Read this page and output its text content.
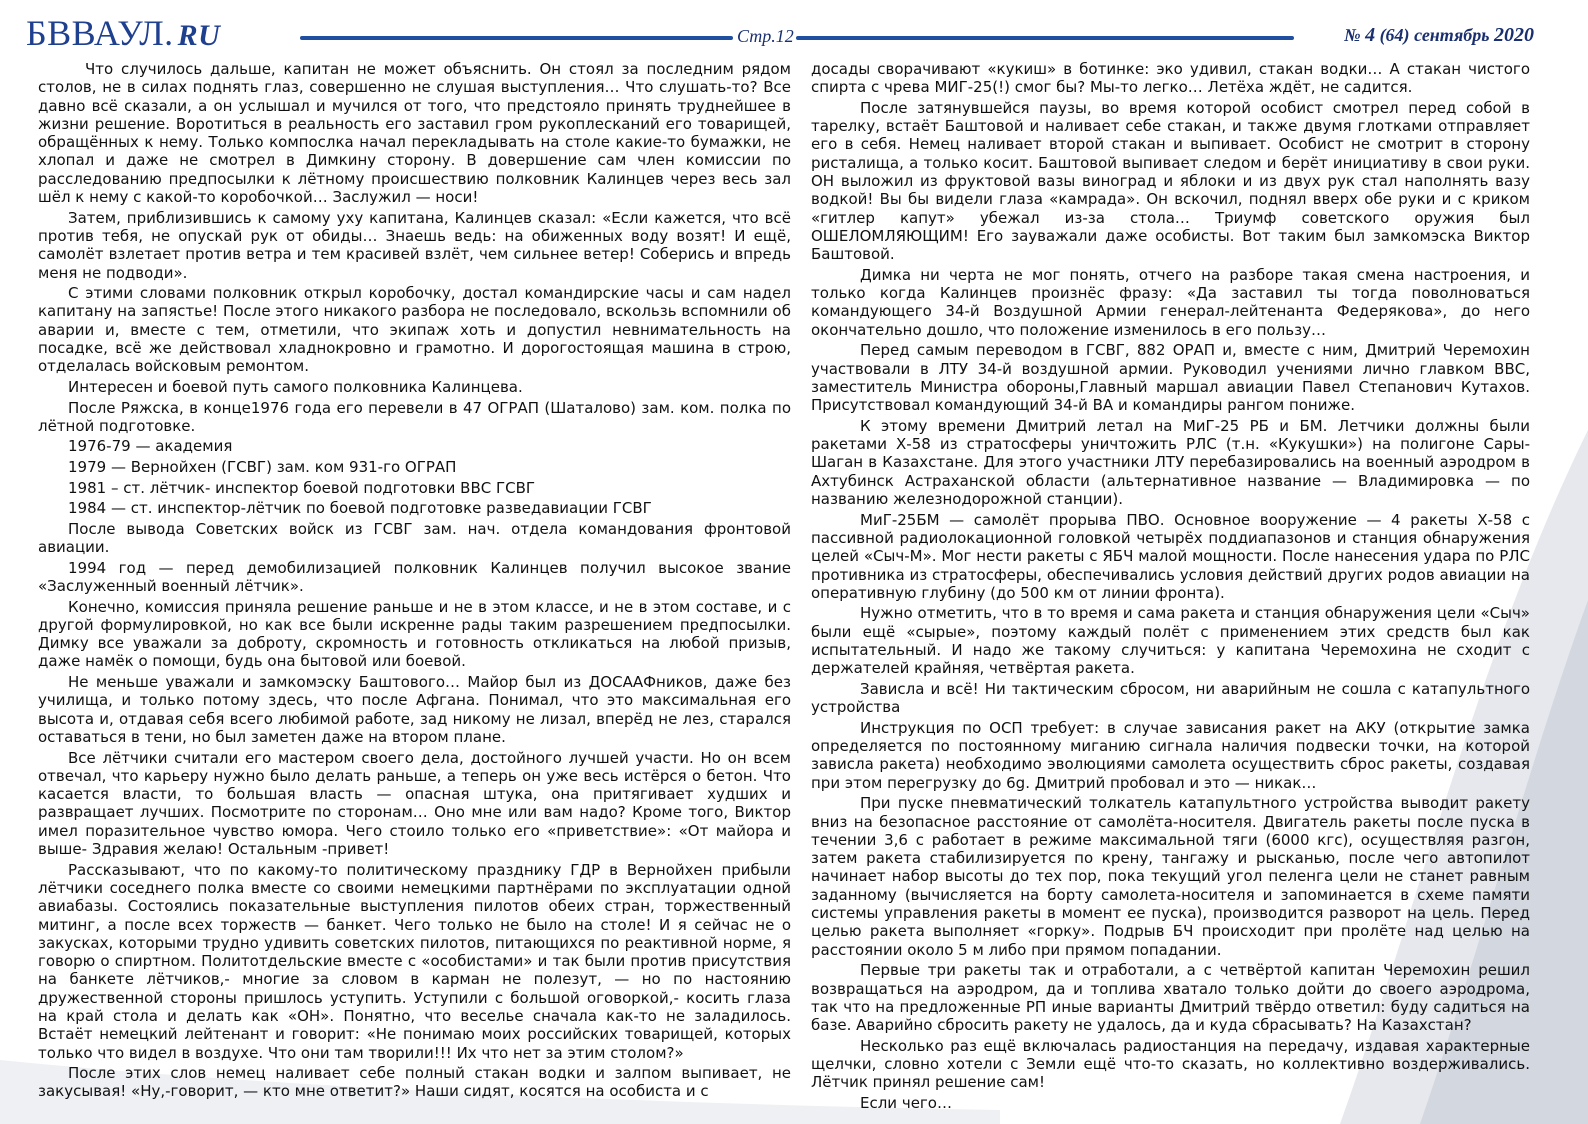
БВВАУЛ. RU	Стр.12	№ 4 (64) сентябрь 2020

Что случилось дальше, капитан не может объяснить. Он стоял за последним рядом столов, не в силах поднять глаз, совершенно не слушая выступления… Что слушать-то? Все давно всё сказали, а он услышал и мучился от того, что предстояло принять труднейшее в жизни решение. Воротиться в реальность его заставил гром рукоплесканий его товарищей, обращённых к нему. Только компослка начал перекладывать на столе какие-то бумажки, не хлопал и даже не смотрел в Димкину сторону. В довершение сам член комиссии по расследованию предпосылки к лётному происшествию полковник Калинцев через весь зал шёл к нему с какой-то коробочкой… Заслужил — носи!

Затем, приблизившись к самому уху капитана, Калинцев сказал: «Если кажется, что всё против тебя, не опускай рук от обиды… Знаешь ведь: на обиженных воду возят! И ещё, самолёт взлетает против ветра и тем красивей взлёт, чем сильнее ветер! Соберись и впредь меня не подводи».

С этими словами полковник открыл коробочку, достал командирские часы и сам надел капитану на запястье! После этого никакого разбора не последовало, вскользь вспомнили об аварии и, вместе с тем, отметили, что экипаж хоть и допустил невнимательность на посадке, всё же действовал хладнокровно и грамотно. И дорогостоящая машина в строю, отделалась войсковым ремонтом.

Интересен и боевой путь самого полковника Калинцева.

После Ряжска, в конце1976 года его перевели в 47 ОГРАП (Шаталово) зам. ком. полка по лётной подготовке.

1976-79 — академия

1979 — Вернойхен (ГСВГ) зам. ком 931-го ОГРАП

1981 – ст. лётчик- инспектор боевой подготовки ВВС ГСВГ

1984 — ст. инспектор-лётчик по боевой подготовке разведавиации ГСВГ

После вывода Советских войск из ГСВГ зам. нач. отдела командования фронтовой авиации.

1994 год — перед демобилизацией полковник Калинцев получил высокое звание «Заслуженный военный лётчик».

Конечно, комиссия приняла решение раньше и не в этом классе, и не в этом составе, и с другой формулировкой, но как все были искренне рады таким разрешением предпосылки. Димку все уважали за доброту, скромность и готовность откликаться на любой призыв, даже намёк о помощи, будь она бытовой или боевой.

Не меньше уважали и замкомэску Баштового… Майор был из ДОСААФников, даже без училища, и только потому здесь, что после Афгана. Понимал, что это максимальная его высота и, отдавая себя всего любимой работе, зад никому не лизал, вперёд не лез, старался оставаться в тени, но был заметен даже на втором плане.

Все лётчики считали его мастером своего дела, достойного лучшей участи. Но он всем отвечал, что карьеру нужно было делать раньше, а теперь он уже весь истёрся о бетон. Что касается власти, то большая власть — опасная штука, она притягивает худших и развращает лучших. Посмотрите по сторонам… Оно мне или вам надо? Кроме того, Виктор имел поразительное чувство юмора. Чего стоило только его «приветствие»: «От майора и выше- Здравия желаю! Остальным -привет!

Рассказывают, что по какому-то политическому празднику ГДР в Вернойхен прибыли лётчики соседнего полка вместе со своими немецкими партнёрами по эксплуатации одной авиабазы. Состоялись показательные выступления пилотов обеих стран, торжественный митинг, а после всех торжеств — банкет. Чего только не было на столе! И я сейчас не о закусках, которыми трудно удивить советских пилотов, питающихся по реактивной норме, я говорю о спиртном. Политотдельские вместе с «особистами» и так были против присутствия на банкете лётчиков,- многие за словом в карман не полезут, — но по настоянию дружественной стороны пришлось уступить. Уступили с большой оговоркой,- косить глаза на край стола и делать как «ОН». Понятно, что веселье сначала как-то не заладилось. Встаёт немецкий лейтенант и говорит: «Не понимаю моих российских товарищей, которых только что видел в воздухе. Что они там творили!!! Их что нет за этим столом?»

После этих слов немец наливает себе полный стакан водки и залпом выпивает, не закусывая! «Ну,-говорит, — кто мне ответит?» Наши сидят, косятся на особиста и с

досады сворачивают «кукиш» в ботинке: эко удивил, стакан водки… А стакан чистого спирта с чрева МИГ-25(!) смог бы? Мы-то легко… Летёха ждёт, не садится.

После затянувшейся паузы, во время которой особист смотрел перед собой в тарелку, встаёт Баштовой и наливает себе стакан, и также двумя глотками отправляет его в себя. Немец наливает второй стакан и выпивает. Особист не смотрит в сторону ристалища, а только косит. Баштовой выпивает следом и берёт инициативу в свои руки. ОН выложил из фруктовой вазы виноград и яблоки и из двух рук стал наполнять вазу водкой! Вы бы видели глаза «камрада». Он вскочил, поднял вверх обе руки и с криком «гитлер капут» убежал из-за стола… Триумф советского оружия был ОШЕЛОМЛЯЮЩИМ! Его зауважали даже особисты. Вот таким был замкомэска Виктор Баштовой.

Димка ни черта не мог понять, отчего на разборе такая смена настроения, и только когда Калинцев произнёс фразу: «Да заставил ты тогда поволноваться командующего 34-й Воздушной Армии генерал-лейтенанта Федерякова», до него окончательно дошло, что положение изменилось в его пользу…

Перед самым переводом в ГСВГ, 882 ОРАП и, вместе с ним, Дмитрий Черемохин участвовали в ЛТУ 34-й воздушной армии. Руководил учениями лично главком ВВС, заместитель Министра обороны,Главный маршал авиации Павел Степанович Кутахов. Присутствовал командующий 34-й ВА и командиры рангом пониже.

К этому времени Дмитрий летал на МиГ-25 РБ и БМ. Летчики должны были ракетами Х-58 из стратосферы уничтожить РЛС (т.н. «Кукушки») на полигоне Сары-Шаган в Казахстане. Для этого участники ЛТУ перебазировались на военный аэродром в Ахтубинск Астраханской области (альтернативное название — Владимировка — по названию железнодорожной станции).

МиГ-25БМ — самолёт прорыва ПВО. Основное вооружение — 4 ракеты Х-58 с пассивной радиолокационной головкой четырёх поддиапазонов и станция обнаружения целей «Сыч-М». Мог нести ракеты с ЯБЧ малой мощности. После нанесения удара по РЛС противника из стратосферы, обеспечивались условия действий других родов авиации на оперативную глубину (до 500 км от линии фронта).

Нужно отметить, что в то время и сама ракета и станция обнаружения цели «Сыч» были ещё «сырые», поэтому каждый полёт с применением этих средств был как испытательный. И надо же такому случиться: у капитана Черемохина не сходит с держателей крайняя, четвёртая ракета.

Зависла и всё! Ни тактическим сбросом, ни аварийным не сошла с катапультного устройства

Инструкция по ОСП требует: в случае зависания ракет на АКУ (открытие замка определяется по постоянному миганию сигнала наличия подвески точки, на которой зависла ракета) необходимо эволюциями самолета осуществить сброс ракеты, создавая при этом перегрузку до 6g. Дмитрий пробовал и это — никак…

При пуске пневматический толкатель катапультного устройства выводит ракету вниз на безопасное расстояние от самолёта-носителя. Двигатель ракеты после пуска в течении 3,6 с работает в режиме максимальной тяги (6000 кгс), осуществляя разгон, затем ракета стабилизируется по крену, тангажу и рысканью, после чего автопилот начинает набор высоты до тех пор, пока текущий угол пеленга цели не станет равным заданному (вычисляется на борту самолета-носителя и запоминается в схеме памяти системы управления ракеты в момент ее пуска), производится разворот на цель. Перед целью ракета выполняет «горку». Подрыв БЧ происходит при пролёте над целью на расстоянии около 5 м либо при прямом попадании.

Первые три ракеты так и отработали, а с четвёртой капитан Черемохин решил возвращаться на аэродром, да и топлива хватало только дойти до своего аэродрома, так что на предложенные РП иные варианты Дмитрий твёрдо ответил: буду садиться на базе. Аварийно сбросить ракету не удалось, да и куда сбрасывать? На Казахстан?

Несколько раз ещё включалась радиостанция на передачу, издавая характерные щелчки, словно хотели с Земли ещё что-то сказать, но коллективно воздерживались. Лётчик принял решение сам!

Если чего…
